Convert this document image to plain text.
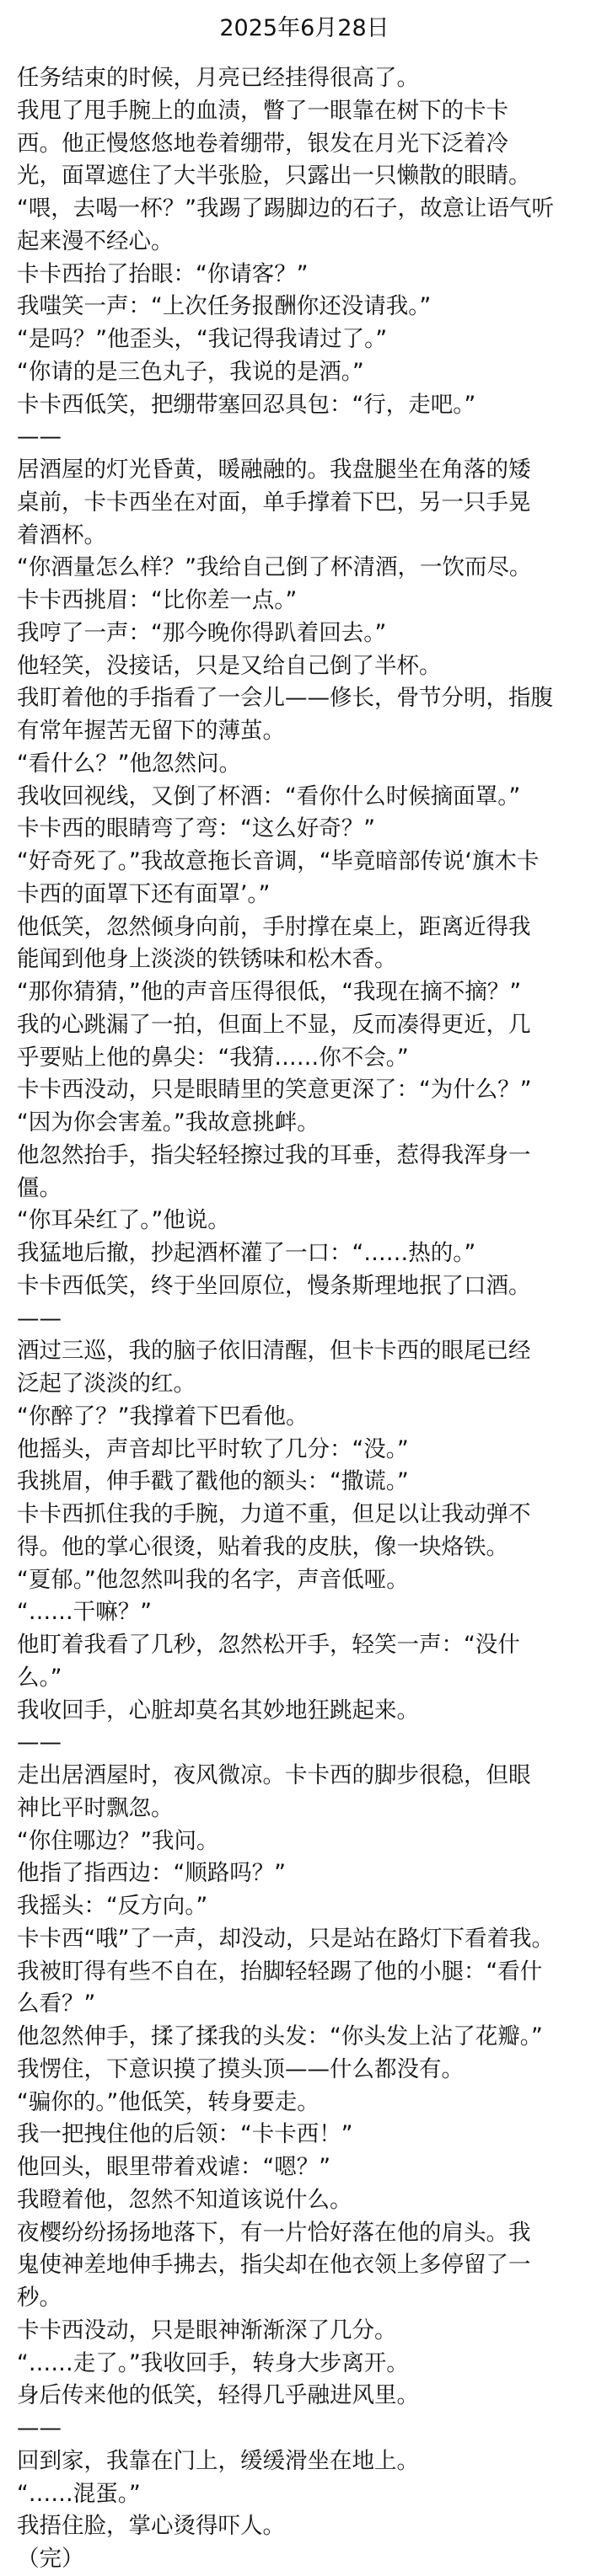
2025年6月28日
任务结束的时候，月亮已经挂得很高了。
我甩了甩手腕上的血渍，瞥了一眼靠在树下的卡卡
西。他正慢悠悠地卷着绷带，银发在月光下泛着冷
光，面罩遮住了大半张脸，只露出一只懒散的眼睛。
“喂，去喝一杯？”我踢了踢脚边的石子，故意让语气听
起来漫不经心。
卡卡西抬了抬眼：“你请客？”
我嗤笑一声：“上次任务报酬你还没请我。”
“是吗？”他歪头，“我记得我请过了。”
“你请的是三色丸子，我说的是酒。”
卡卡西低笑，把绷带塞回忍具包：“行，走吧。”
——
居酒屋的灯光昏黄，暖融融的。我盘腿坐在角落的矮
桌前，卡卡西坐在对面，单手撑着下巴，另一只手晃
着酒杯。
“你酒量怎么样？”我给自己倒了杯清酒，一饮而尽。
卡卡西挑眉：“比你差一点。”
我哼了一声：“那今晚你得趴着回去。”
他轻笑，没接话，只是又给自己倒了半杯。
我盯着他的手指看了一会儿——修长，骨节分明，指腹
有常年握苦无留下的薄茧。
“看什么？”他忽然问。
我收回视线，又倒了杯酒：“看你什么时候摘面罩。”
卡卡西的眼睛弯了弯：“这么好奇？”
“好奇死了。”我故意拖长音调，“毕竟暗部传说‘旗木卡
卡西的面罩下还有面罩’。”
他低笑，忽然倾身向前，手肘撑在桌上，距离近得我
能闻到他身上淡淡的铁锈味和松木香。
“那你猜猜，”他的声音压得很低，“我现在摘不摘？”
我的心跳漏了一拍，但面上不显，反而凑得更近，几
乎要贴上他的鼻尖：“我猜……你不会。”
卡卡西没动，只是眼睛里的笑意更深了：“为什么？”
“因为你会害羞。”我故意挑衅。
他忽然抬手，指尖轻轻擦过我的耳垂，惹得我浑身一
僵。
“你耳朵红了。”他说。
我猛地后撤，抄起酒杯灌了一口：“……热的。”
卡卡西低笑，终于坐回原位，慢条斯理地抿了口酒。
——
酒过三巡，我的脑子依旧清醒，但卡卡西的眼尾已经
泛起了淡淡的红。
“你醉了？”我撑着下巴看他。
他摇头，声音却比平时软了几分：“没。”
我挑眉，伸手戳了戳他的额头：“撒谎。”
卡卡西抓住我的手腕，力道不重，但足以让我动弹不
得。他的掌心很烫，贴着我的皮肤，像一块烙铁。
“夏郁。”他忽然叫我的名字，声音低哑。
“……干嘛？”
他盯着我看了几秒，忽然松开手，轻笑一声：“没什
么。”
我收回手，心脏却莫名其妙地狂跳起来。
——
走出居酒屋时，夜风微凉。卡卡西的脚步很稳，但眼
神比平时飘忽。
“你住哪边？”我问。
他指了指西边：“顺路吗？”
我摇头：“反方向。”
卡卡西“哦”了一声，却没动，只是站在路灯下看着我。
我被盯得有些不自在，抬脚轻轻踢了他的小腿：“看什
么看？”
他忽然伸手，揉了揉我的头发：“你头发上沾了花瓣。”
我愣住，下意识摸了摸头顶——什么都没有。
“骗你的。”他低笑，转身要走。
我一把拽住他的后领：“卡卡西！”
他回头，眼里带着戏谑：“嗯？”
我瞪着他，忽然不知道该说什么。
夜樱纷纷扬扬地落下，有一片恰好落在他的肩头。我
鬼使神差地伸手拂去，指尖却在他衣领上多停留了一
秒。
卡卡西没动，只是眼神渐渐深了几分。
“……走了。”我收回手，转身大步离开。
身后传来他的低笑，轻得几乎融进风里。
——
回到家，我靠在门上，缓缓滑坐在地上。
“……混蛋。”
我捂住脸，掌心烫得吓人。
（完）
